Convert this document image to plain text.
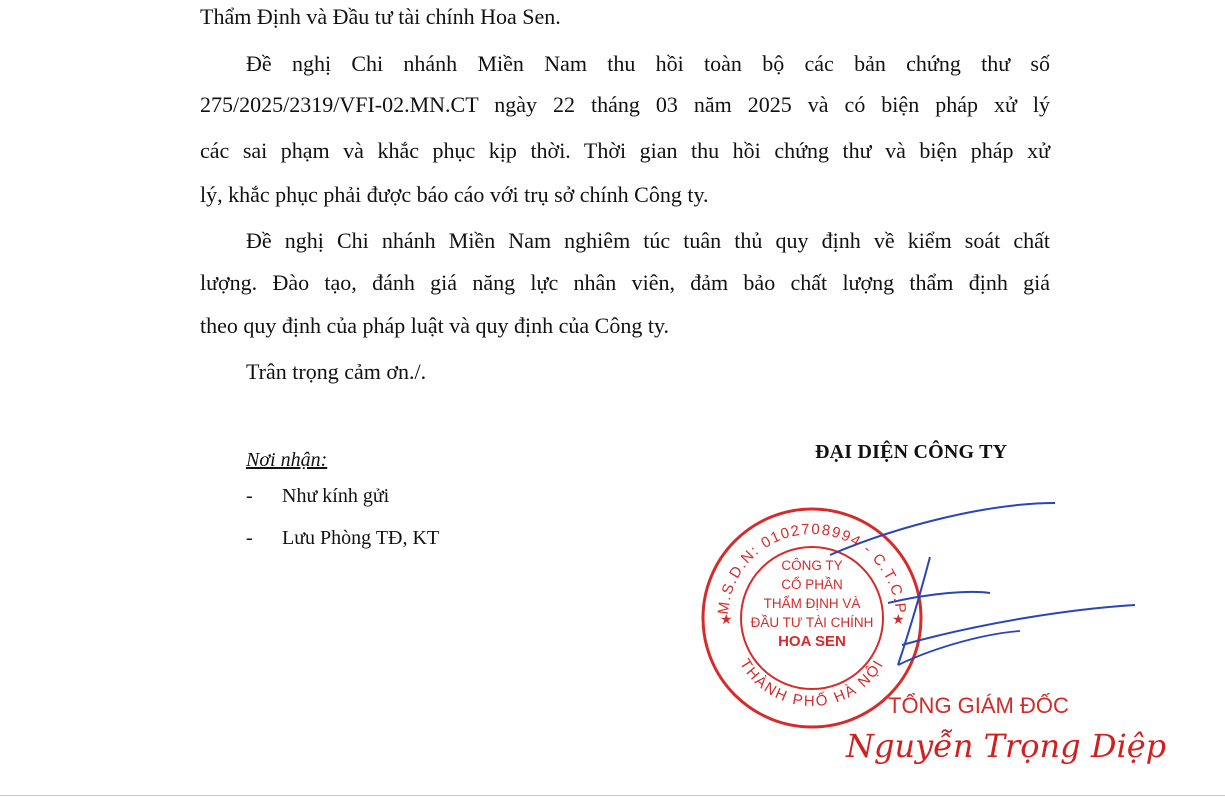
Thẩm Định và Đầu tư tài chính Hoa Sen.
Đề nghị Chi nhánh Miền Nam thu hồi toàn bộ các bản chứng thư số
275/2025/2319/VFI-02.MN.CT ngày 22 tháng 03 năm 2025 và có biện pháp xử lý
các sai phạm và khắc phục kịp thời. Thời gian thu hồi chứng thư và biện pháp xử
lý, khắc phục phải được báo cáo với trụ sở chính Công ty.
Đề nghị Chi nhánh Miền Nam nghiêm túc tuân thủ quy định về kiểm soát chất
lượng. Đào tạo, đánh giá năng lực nhân viên, đảm bảo chất lượng thẩm định giá
theo quy định của pháp luật và quy định của Công ty.
Trân trọng cảm ơn./.
Nơi nhận:
- Như kính gửi
- Lưu Phòng TĐ, KT
ĐẠI DIỆN CÔNG TY
M.S.D.N: 0102708994 - C.T.C.P
THÀNH PHỐ HÀ NỘI
★	★
CÔNG TY
CỔ PHẦN
THẨM ĐỊNH VÀ
ĐẦU TƯ TÀI CHÍNH
HOA SEN
TỔNG GIÁM ĐỐC
Nguyễn Trọng Diệp
